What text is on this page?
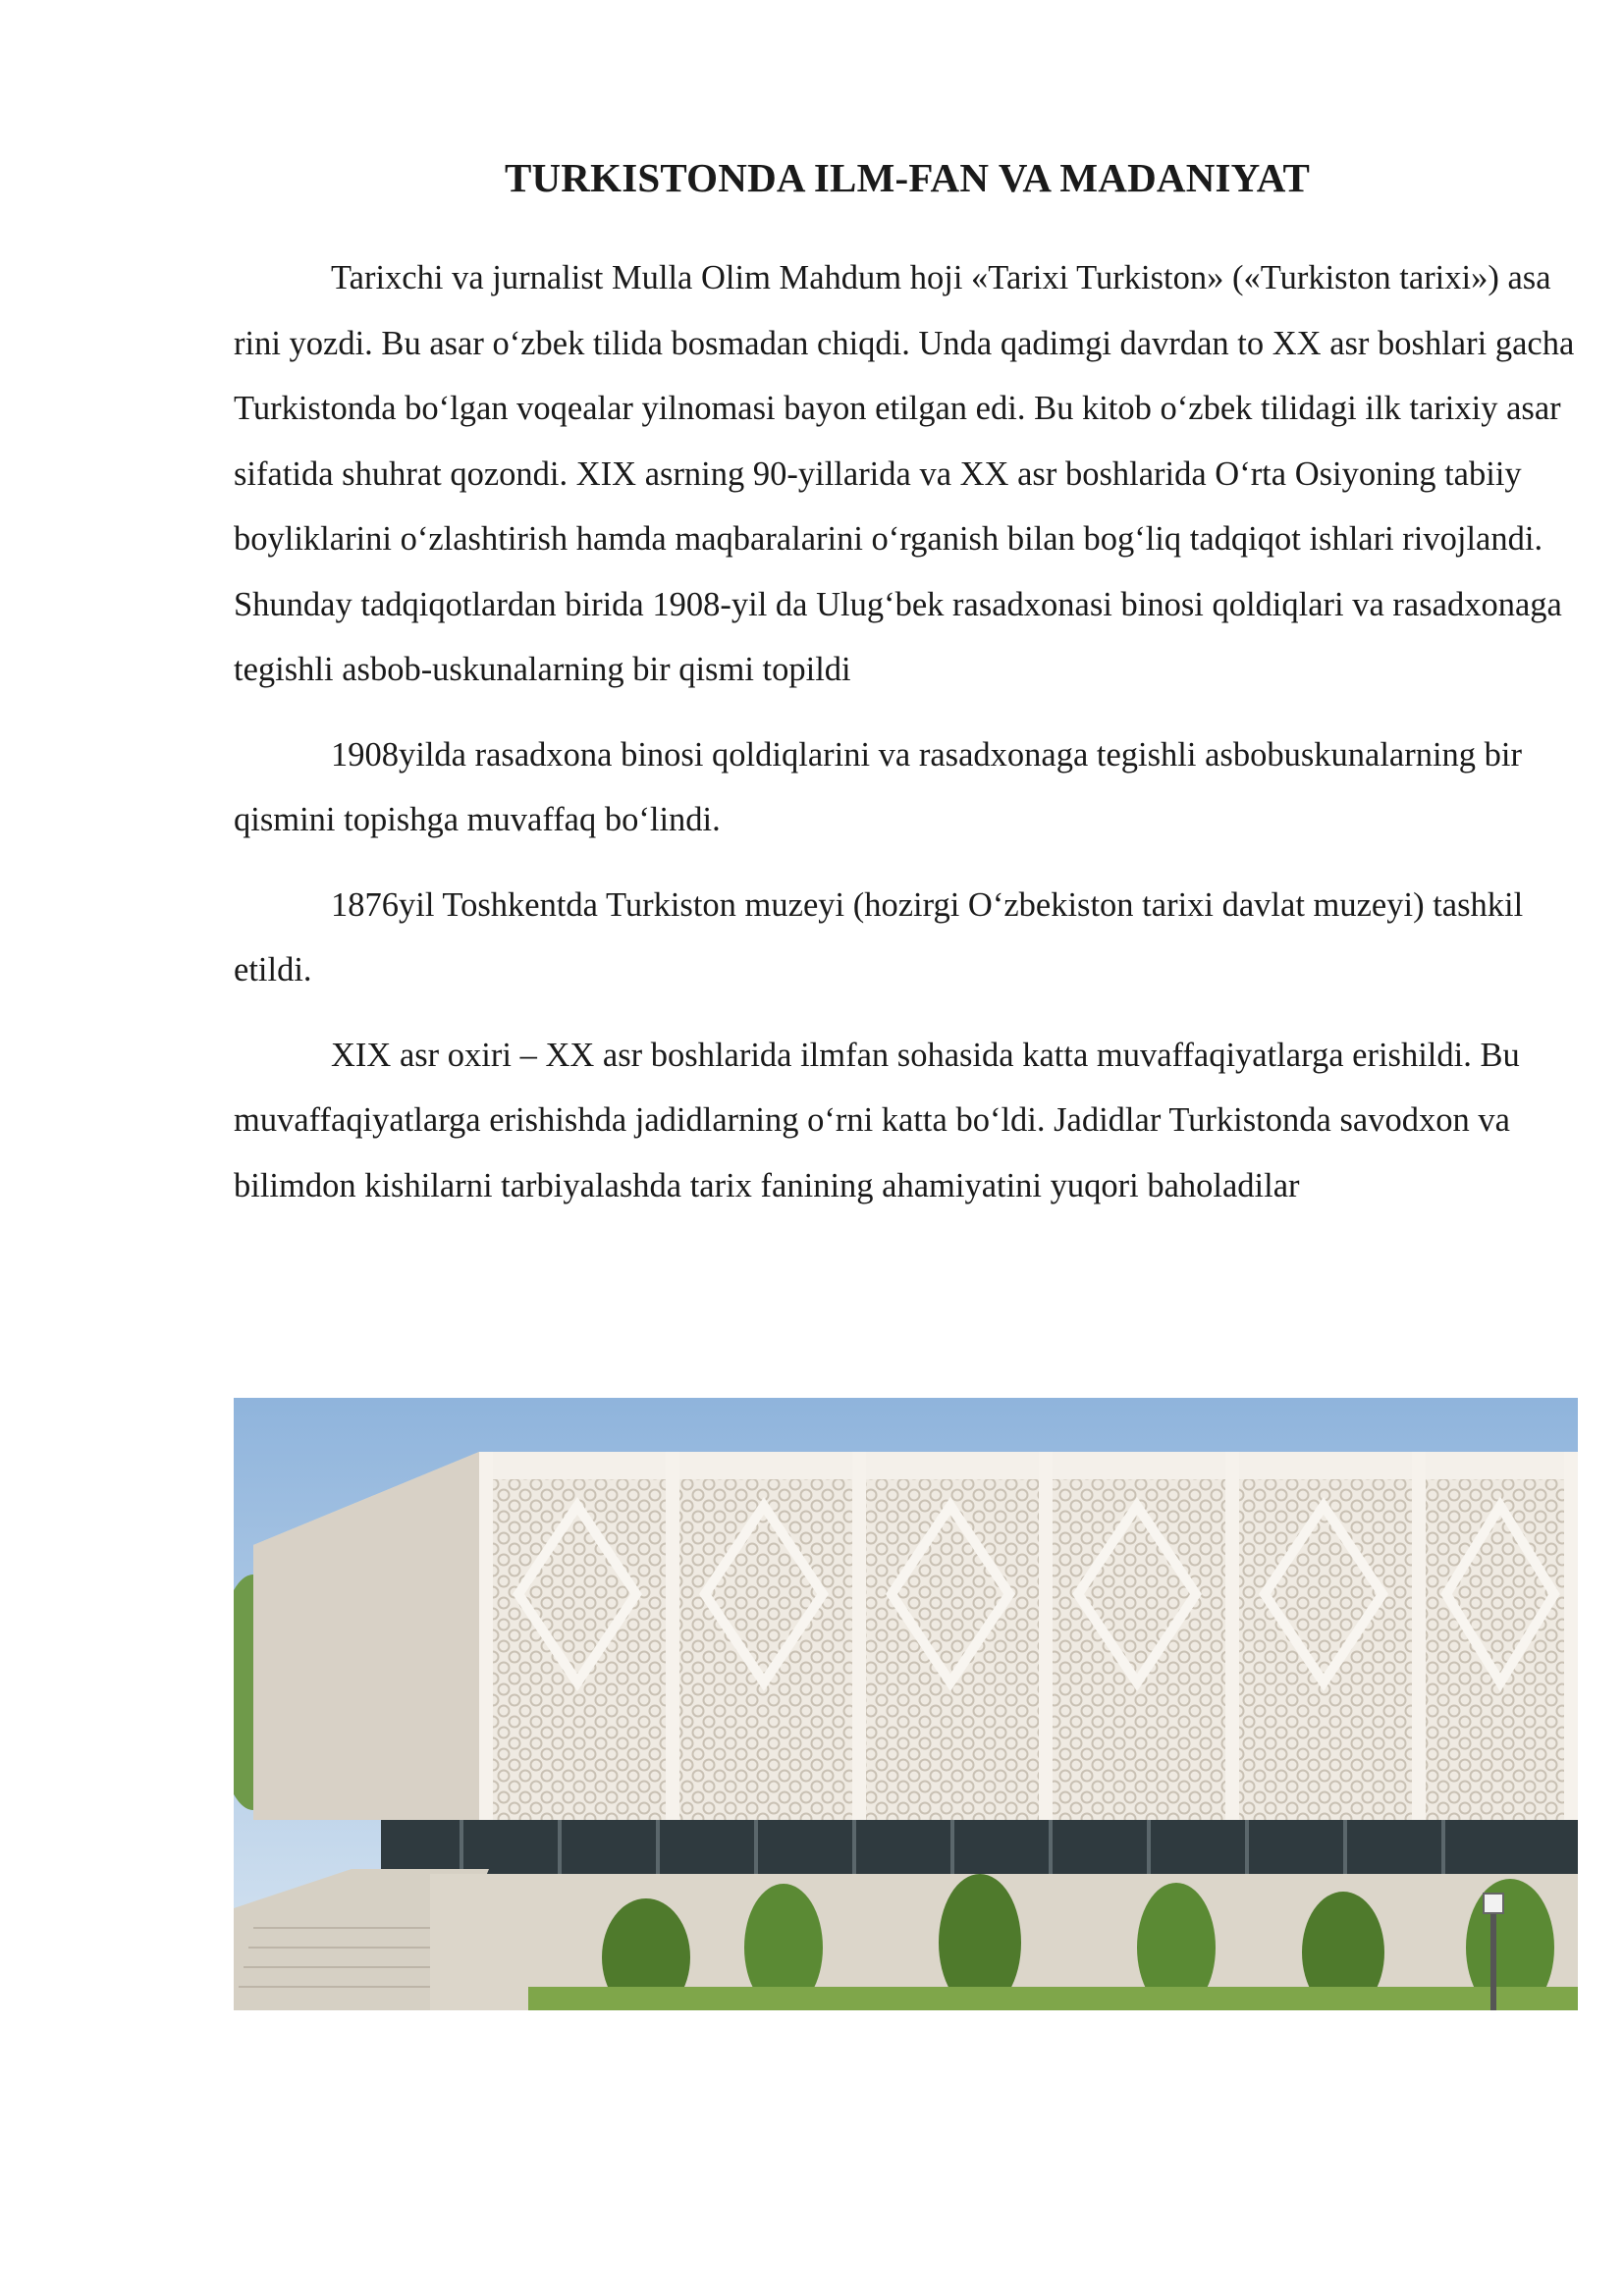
TURKISTONDA ILM-FAN VA MADANIYAT

Tarixchi va jurnalist Mulla Olim Mahdum hoji «Tarixi Turkiston» («Turkiston tarixi») asa rini yozdi. Bu asar o‘zbek tilida bosmadan chiqdi. Unda qadimgi davrdan to XX asr boshlari gacha Turkistonda bo‘lgan voqealar yilnomasi bayon etilgan edi. Bu kitob o‘zbek tilidagi ilk tarixiy asar sifatida shuhrat qozondi. XIX asrning 90-yillarida va XX asr boshlarida O‘rta Osiyoning tabiiy boyliklarini o‘zlashtirish hamda maqbaralarini o‘rganish bilan bog‘liq tadqiqot ishlari rivojlandi. Shunday tadqiqotlardan birida 1908-yil da Ulug‘bek rasadxonasi binosi qoldiqlari va rasadxonaga tegishli asbob-uskunalarning bir qismi topildi

1908yilda rasadxona binosi qoldiqlarini va rasadxonaga tegishli asbobuskunalarning bir qismini topishga muvaffaq bo‘lindi.

1876yil Toshkentda Turkiston muzeyi (hozirgi O‘zbekiston tarixi davlat muzeyi) tashkil etildi.

XIX asr oxiri – XX asr boshlarida ilmfan sohasida katta muvaffaqiyatlarga erishildi. Bu muvaffaqiyatlarga erishishda jadidlarning o‘rni katta bo‘ldi. Jadidlar Turkistonda savodxon va bilimdon kishilarni tarbiyalashda tarix fanining ahamiyatini yuqori baholadilar
